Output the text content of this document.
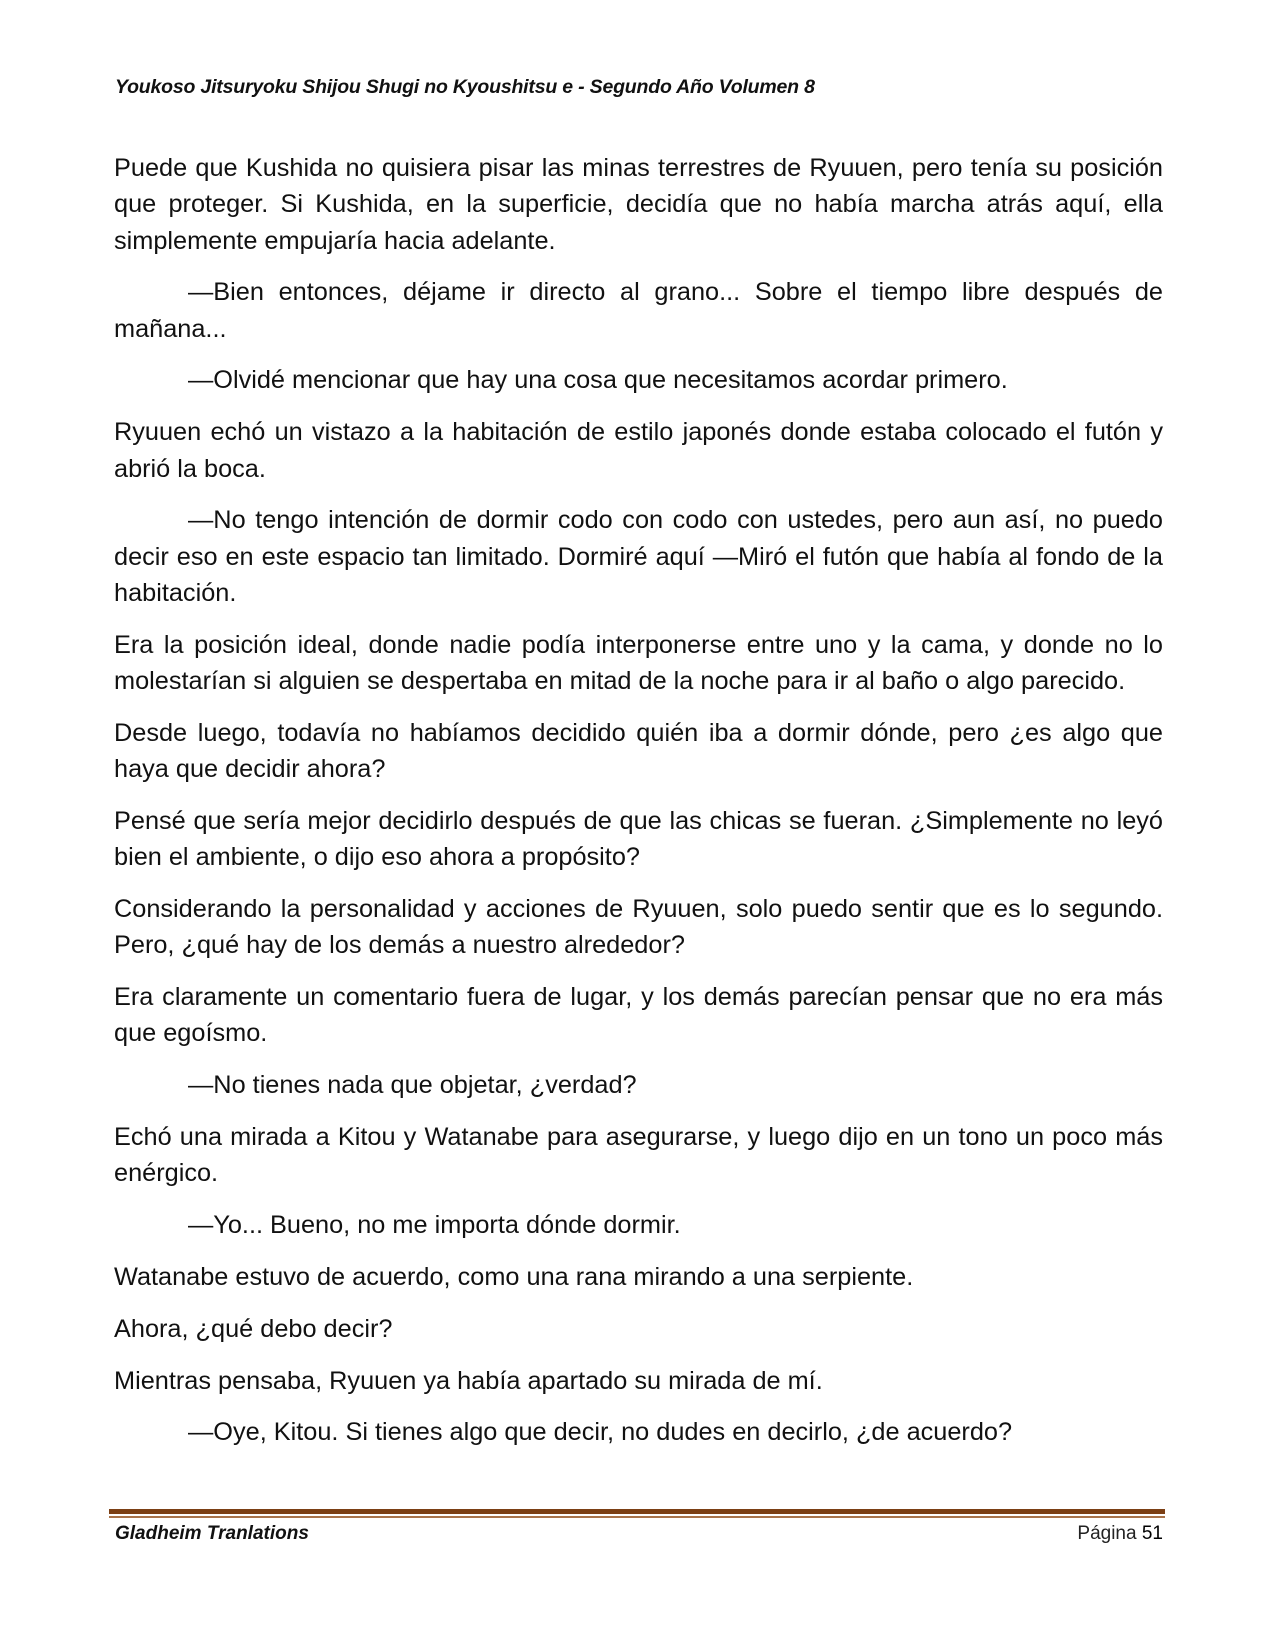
Youkoso Jitsuryoku Shijou Shugi no Kyoushitsu e - Segundo Año Volumen 8

Puede que Kushida no quisiera pisar las minas terrestres de Ryuuen, pero tenía su posición que proteger. Si Kushida, en la superficie, decidía que no había marcha atrás aquí, ella simplemente empujaría hacia adelante.

—Bien entonces, déjame ir directo al grano... Sobre el tiempo libre después de mañana...

—Olvidé mencionar que hay una cosa que necesitamos acordar primero.

Ryuuen echó un vistazo a la habitación de estilo japonés donde estaba colocado el futón y abrió la boca.

—No tengo intención de dormir codo con codo con ustedes, pero aun así, no puedo decir eso en este espacio tan limitado. Dormiré aquí —Miró el futón que había al fondo de la habitación.

Era la posición ideal, donde nadie podía interponerse entre uno y la cama, y donde no lo molestarían si alguien se despertaba en mitad de la noche para ir al baño o algo parecido.

Desde luego, todavía no habíamos decidido quién iba a dormir dónde, pero ¿es algo que haya que decidir ahora?

Pensé que sería mejor decidirlo después de que las chicas se fueran. ¿Simplemente no leyó bien el ambiente, o dijo eso ahora a propósito?

Considerando la personalidad y acciones de Ryuuen, solo puedo sentir que es lo segundo. Pero, ¿qué hay de los demás a nuestro alrededor?

Era claramente un comentario fuera de lugar, y los demás parecían pensar que no era más que egoísmo.

—No tienes nada que objetar, ¿verdad?

Echó una mirada a Kitou y Watanabe para asegurarse, y luego dijo en un tono un poco más enérgico.

—Yo... Bueno, no me importa dónde dormir.

Watanabe estuvo de acuerdo, como una rana mirando a una serpiente.

Ahora, ¿qué debo decir?

Mientras pensaba, Ryuuen ya había apartado su mirada de mí.

—Oye, Kitou. Si tienes algo que decir, no dudes en decirlo, ¿de acuerdo?

Gladheim Tranlations	Página 51
